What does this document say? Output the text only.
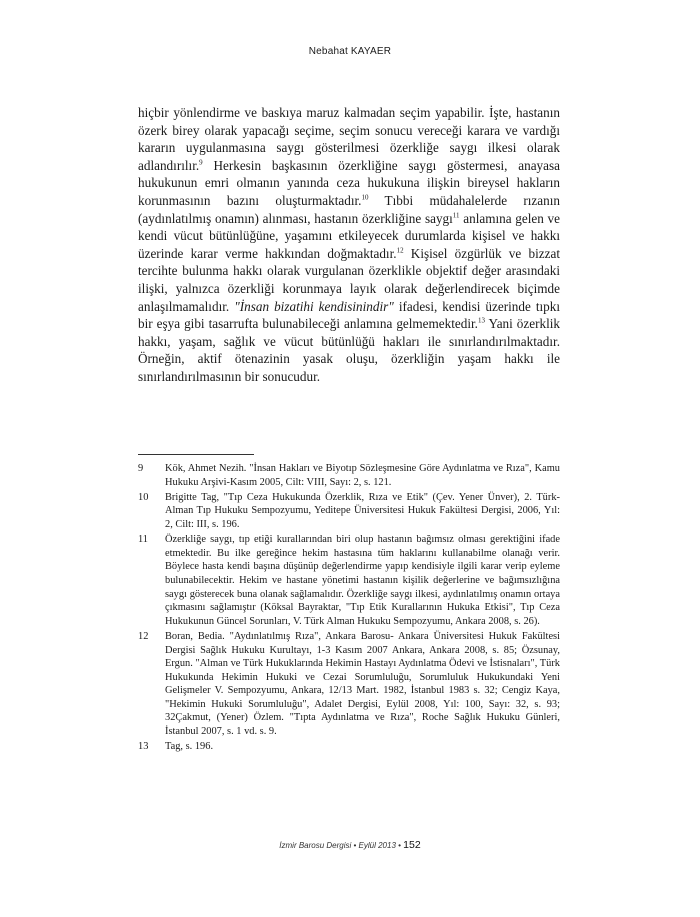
Nebahat KAYAER
hiçbir yönlendirme ve baskıya maruz kalmadan seçim yapabilir. İşte, hastanın özerk birey olarak yapacağı seçime, seçim sonucu vereceği karara ve vardığı kararın uygulanmasına saygı gösterilmesi özerkliğe saygı ilkesi olarak adlandırılır.$^9$ Herkesin başkasının özerkliğine saygı göstermesi, anayasa hukukunun emri olmanın yanında ceza hukukuna ilişkin bireysel hakların korunmasının bazını oluşturmaktadır.$^{10}$ Tıbbi müdahalelerde rızanın (aydınlatılmış onamın) alınması, hastanın özerkliğine saygı$^{11}$ anlamına gelen ve kendi vücut bütünlüğüne, yaşamını etkileyecek durumlarda kişisel ve hakkı üzerinde karar verme hakkından doğmaktadır.$^{12}$ Kişisel özgürlük ve bizzat tercihte bulunma hakkı olarak vurgulanan özerklikle objektif değer arasındaki ilişki, yalnızca özerkliği korunmaya layık olarak değerlendirecek biçimde anlaşılmamalıdır. "İnsan bizatihi kendisinindir" ifadesi, kendisi üzerinde tıpkı bir eşya gibi tasarrufta bulunabileceği anlamına gelmemektedir.$^{13}$ Yani özerklik hakkı, yaşam, sağlık ve vücut bütünlüğü hakları ile sınırlandırılmaktadır. Örneğin, aktif ötenazinin yasak oluşu, özerkliğin yaşam hakkı ile sınırlandırılmasının bir sonucudur.
9	Kök, Ahmet Nezih. "İnsan Hakları ve Biyotıp Sözleşmesine Göre Aydınlatma ve Rıza", Kamu Hukuku Arşivi-Kasım 2005, Cilt: VIII, Sayı: 2, s. 121.
10	Brigitte Tag, "Tıp Ceza Hukukunda Özerklik, Rıza ve Etik" (Çev. Yener Ünver), 2. Türk- Alman Tıp Hukuku Sempozyumu, Yeditepe Üniversitesi Hukuk Fakültesi Dergisi, 2006, Yıl: 2, Cilt: III, s. 196.
11	Özerkliğe saygı, tıp etiği kurallarından biri olup hastanın bağımsız olması gerektiğini ifade etmektedir. Bu ilke gereğince hekim hastasına tüm haklarını kullanabilme olanağı verir. Böylece hasta kendi başına düşünüp değerlendirme yapıp kendisiyle ilgili karar verip eyleme bulunabilecektir. Hekim ve hastane yönetimi hastanın kişilik değerlerine ve bağımsızlığına saygı gösterecek buna olanak sağlamalıdır. Özerkliğe saygı ilkesi, aydınlatılmış onamın ortaya çıkmasını sağlamıştır (Köksal Bayraktar, "Tıp Etik Kurallarının Hukuka Etkisi", Tıp Ceza Hukukunun Güncel Sorunları, V. Türk Alman Hukuku Sempozyumu, Ankara 2008, s. 26).
12	Boran, Bedia. "Aydınlatılmış Rıza", Ankara Barosu- Ankara Üniversitesi Hukuk Fakültesi Dergisi Sağlık Hukuku Kurultayı, 1-3 Kasım 2007 Ankara, Ankara 2008, s. 85; Özsunay, Ergun. "Alman ve Türk Hukuklarında Hekimin Hastayı Aydınlatma Ödevi ve İstisnaları", Türk Hukukunda Hekimin Hukuki ve Cezai Sorumluluğu, Sorumluluk Hukukundaki Yeni Gelişmeler V. Sempozyumu, Ankara, 12/13 Mart. 1982, İstanbul 1983 s. 32; Cengiz Kaya, "Hekimin Hukuki Sorumluluğu", Adalet Dergisi, Eylül 2008, Yıl: 100, Sayı: 32, s. 93; 32Çakmut, (Yener) Özlem. "Tıpta Aydınlatma ve Rıza", Roche Sağlık Hukuku Günleri, İstanbul 2007, s. 1 vd. s. 9.
13	Tag, s. 196.
İzmir Barosu Dergisi • Eylül 2013 • 152
